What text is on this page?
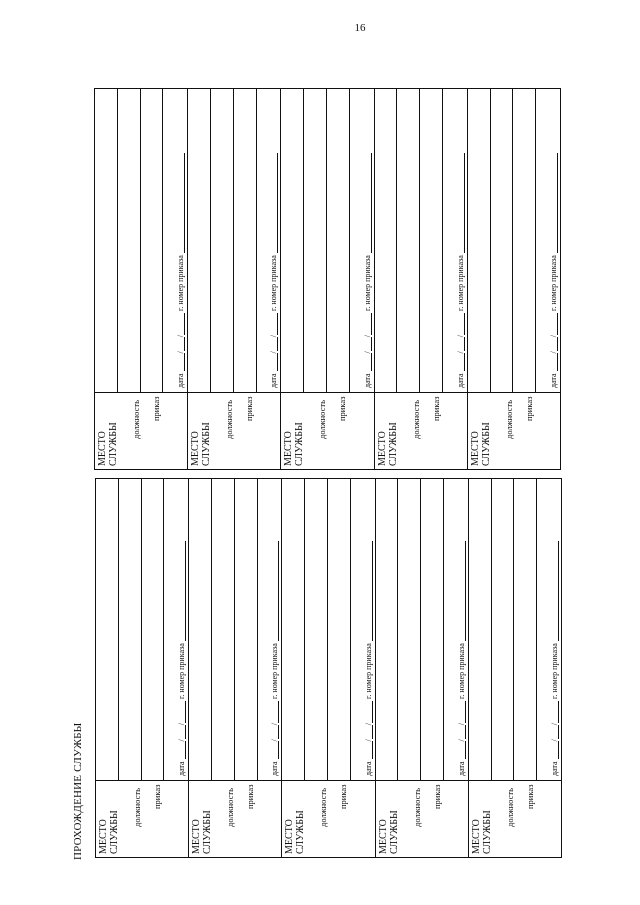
16
ПРОХОЖДЕНИЕ СЛУЖБЫ МЕСТО СЛУЖБЫ
должность приказ
дата

/
/

г. номер приказа

МЕСТО СЛУЖБЫ
должность приказ
дата

/
/

г. номер приказа

МЕСТО СЛУЖБЫ
должность приказ
дата

/
/

г. номер приказа

МЕСТО СЛУЖБЫ
должность приказ
дата

/
/

г. номер приказа

МЕСТО СЛУЖБЫ
должность приказ
дата

/
/

г. номер приказа

МЕСТО СЛУЖБЫ
должность приказ
дата

/
/

г. номер приказа

МЕСТО СЛУЖБЫ
должность приказ
дата

/
/

г. номер приказа

МЕСТО СЛУЖБЫ
должность приказ
дата

/
/

г. номер приказа

МЕСТО СЛУЖБЫ
должность приказ
дата

/
/

г. номер приказа

МЕСТО СЛУЖБЫ
должность приказ
дата

/
/

г. номер приказа
